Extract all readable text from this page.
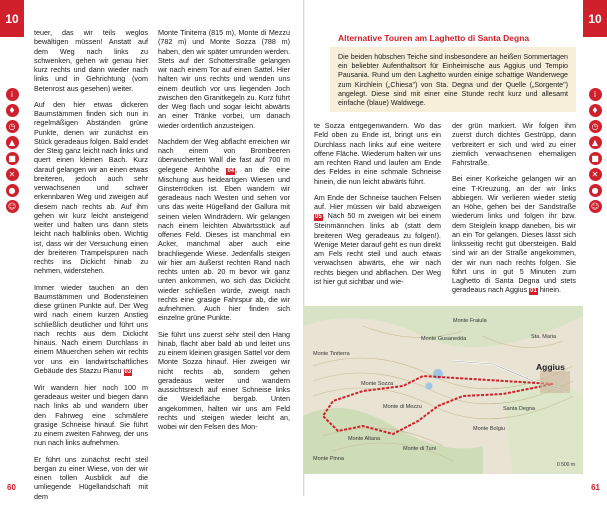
10
i
♦
◷
▲
■
✕
●
☺
60

teuer, das wir teils weglos bewältigen müssen! Anstatt auf dem Weg nach links zu schwenken, gehen wir genau hier kurz rechts und dann wieder nach links und in Gehrichtung (vom Betenrost aus gesehen) weiter.

Auf den hier etwas dickeren Baumstämmen finden sich nun in regelmäßigen Abständen grüne Punkte, denen wir zunächst ein Stück geradeaus folgen. Bald endet der Steig ganz leicht nach links und quert einen kleinen Bach. Kurz darauf gelangen wir an einen etwas breiteren, jedoch auch sehr verwachsenen und schwer erkennbaren Weg und zweigen auf diesem nach rechts ab. Auf ihm gehen wir kurz leicht ansteigend weiter und halten uns dann stets leicht nach halblinks oben. Wichtig ist, dass wir der Versuchung einen der breiteren Trampelspuren nach rechts ins Dickicht hinab zu nehmen, widerstehen.

Immer wieder tauchen an den Baumstämmen und Bodensteinen diese grünen Punkte auf. Der Weg wird nach einem kurzen Anstieg schließlich deutlicher und führt uns nach rechts aus dem Dickicht hinaus. Nach einem Durchlass in einem Mäuerchen sehen wir rechts vor uns ein landwirtschaftliches Gebäude des Stazzu Pianu 03

Wir wandern hier noch 100 m geradeaus weiter und biegen dann nach links ab und wandern über den Fahrweg eine schmälere grasige Schneise hinauf. Sie führt zu einem zweiten Fahrweg, der uns nun nach links aufnehmen.

Er führt uns zunächst recht steil bergan zu einer Wiese, von der wir einen tollen Ausblick auf die umliegende Hügellandschaft mit dem

Monte Tiniterra (815 m), Monte di Mezzu (782 m) und Monte Sozza (788 m) haben, den wir später umrunden werden. Stets auf der Schotterstraße gelangen wir nach einem Tor auf einen Sattel. Hier halten wir uns rechts und wenden uns einem deutlich vor uns liegenden Joch zwischen den Granitkegeln zu. Kurz führt der Weg flach und sogar leicht abwärts an einer Tränke vorbei, um danach wieder ordentlich anzusteigen.

Nachdem der Weg abflacht erreichen wir nach einem von Brombeeren überwucherten Wall die fast auf 700 m gelegene Anhöhe 04, an die eine Mischung aus heideartigen Wiesen und Ginsterröcken ist. Eben wandern wir geradeaus nach Westen und sehen vor uns das weite Hügelland der Gallura mit seinen vielen Windrädern. Wir gelangen nach einem leichten Abwärtsstück auf offenes Feld. Dieses ist manchmal ein Acker, manchmal aber auch eine brachliegende Wiese. Jedenfalls steigen wir hier am äußerst rechten Rand nach rechts unten ab. 20 m bevor wir ganz unten ankommen, wo sich das Dickicht wieder schließen würde, zweigt nach rechts eine grasige Fahrspur ab, die wir aufnehmen. Auch hier finden sich einzelne grüne Punkte.

Sie führt uns zuerst sehr steil den Hang hinab, flacht aber bald ab und leitet uns zu einem kleinen grasigen Sattel vor dem Monte Sozza hinauf. Hier zweigen wir nicht rechts ab, sondern gehen geradeaus weiter und wandern aussichtsreich auf einer Schneise links die Weidefläche bergab. Unten angekommen, halten wir uns am Feld rechts und steigen wieder leicht an, wobei wir den Felsen des Mon-

Alternative Touren am Laghetto di Santa Degna

Die beiden hübschen Teiche sind insbesondere an heißen Sommertagen ein beliebter Aufenthaltsort für Einheimische aus Aggius und Tempio Pausania. Rund um den Laghetto wurden einige schattige Wanderwege zum Kirchlein („Chiesa") von Sta. Degna und der Quelle („Sorgente") angelegt. Diese sind mit einer eine Stunde recht kurz und allesamt einfache (blaue) Waldwege.

te Sozza entgegenwandern. Wo das Feld oben zu Ende ist, bringt uns ein Durchlass nach links auf eine weitere offene Fläche. Wiederum halten wir uns am rechten Rand und laufen am Ende des Feldes in eine schmale Schneise hinein, die nun leicht abwärts führt.

Am Ende der Schneise tauchen Felsen auf. Hier müssen wir bald abzweigen 05. Nach 50 m zweigen wir bei einem Steinmännchen links ab (statt dem breiteren Weg geradeaus zu folgen!). Wenige Meter darauf geht es nun direkt am Fels recht steil und auch etwas verwachsen abwärts, ehe wir nach rechts biegen und abflachen. Der Weg ist hier gut sichtbar und wie-

der grün markiert. Wir folgen ihm zuerst durch dichtes Gestrüpp, dann verbreitert er sich und wird zu einer ziemlich verwachsenen ehemaligen Fahrstraße.

Bei einer Korkeiche gelangen wir an eine T-Kreuzung, an der wir links abbiegen. Wir verlieren wieder stetig an Höhe, gehen bei der Sandstraße wiederum links und folgen ihr bzw. dem Steiglein knapp daneben, bis wir an ein Tor gelangen. Dieses lässt sich linksseitig recht gut übersteigen. Bald sind wir an der Straße angekommen, der wir nun nach rechts folgen. Sie führt uns in gut 5 Minuten zum Laghetto di Santa Degna und stets geradeaus nach Aggius 01 hinein.

Aggius
Monte Sozza
Monte di Mezzu
Monte Altana
Monte Pinna
Monte di Tuni
Santa Degna
Sta. Maria
Monte Gusanedda
Monte Fraiula
Monte Tiniterra
Monte Bolgiu
0 500 m
10
i
♦
◷
▲
■
✕
●
☺
61
